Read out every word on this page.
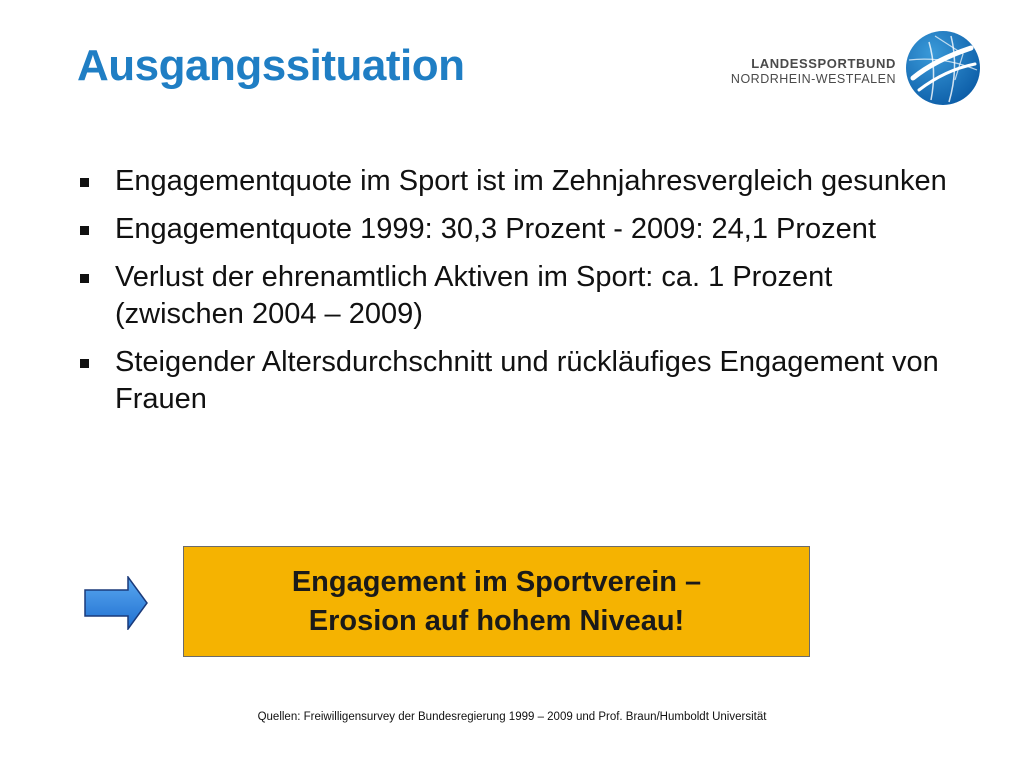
Ausgangssituation	LANDESSPORTBUND
NORDRHEIN-WESTFALEN
Engagementquote im Sport ist im Zehnjahresvergleich gesunken
Engagementquote 1999: 30,3 Prozent - 2009: 24,1 Prozent
Verlust der ehrenamtlich Aktiven im Sport: ca. 1 Prozent (zwischen 2004 – 2009)
Steigender Altersdurchschnitt und rückläufiges Engagement von Frauen
Engagement im Sportverein –
Erosion auf hohem Niveau!
Quellen: Freiwilligensurvey der Bundesregierung 1999 – 2009 und Prof. Braun/Humboldt Universität
